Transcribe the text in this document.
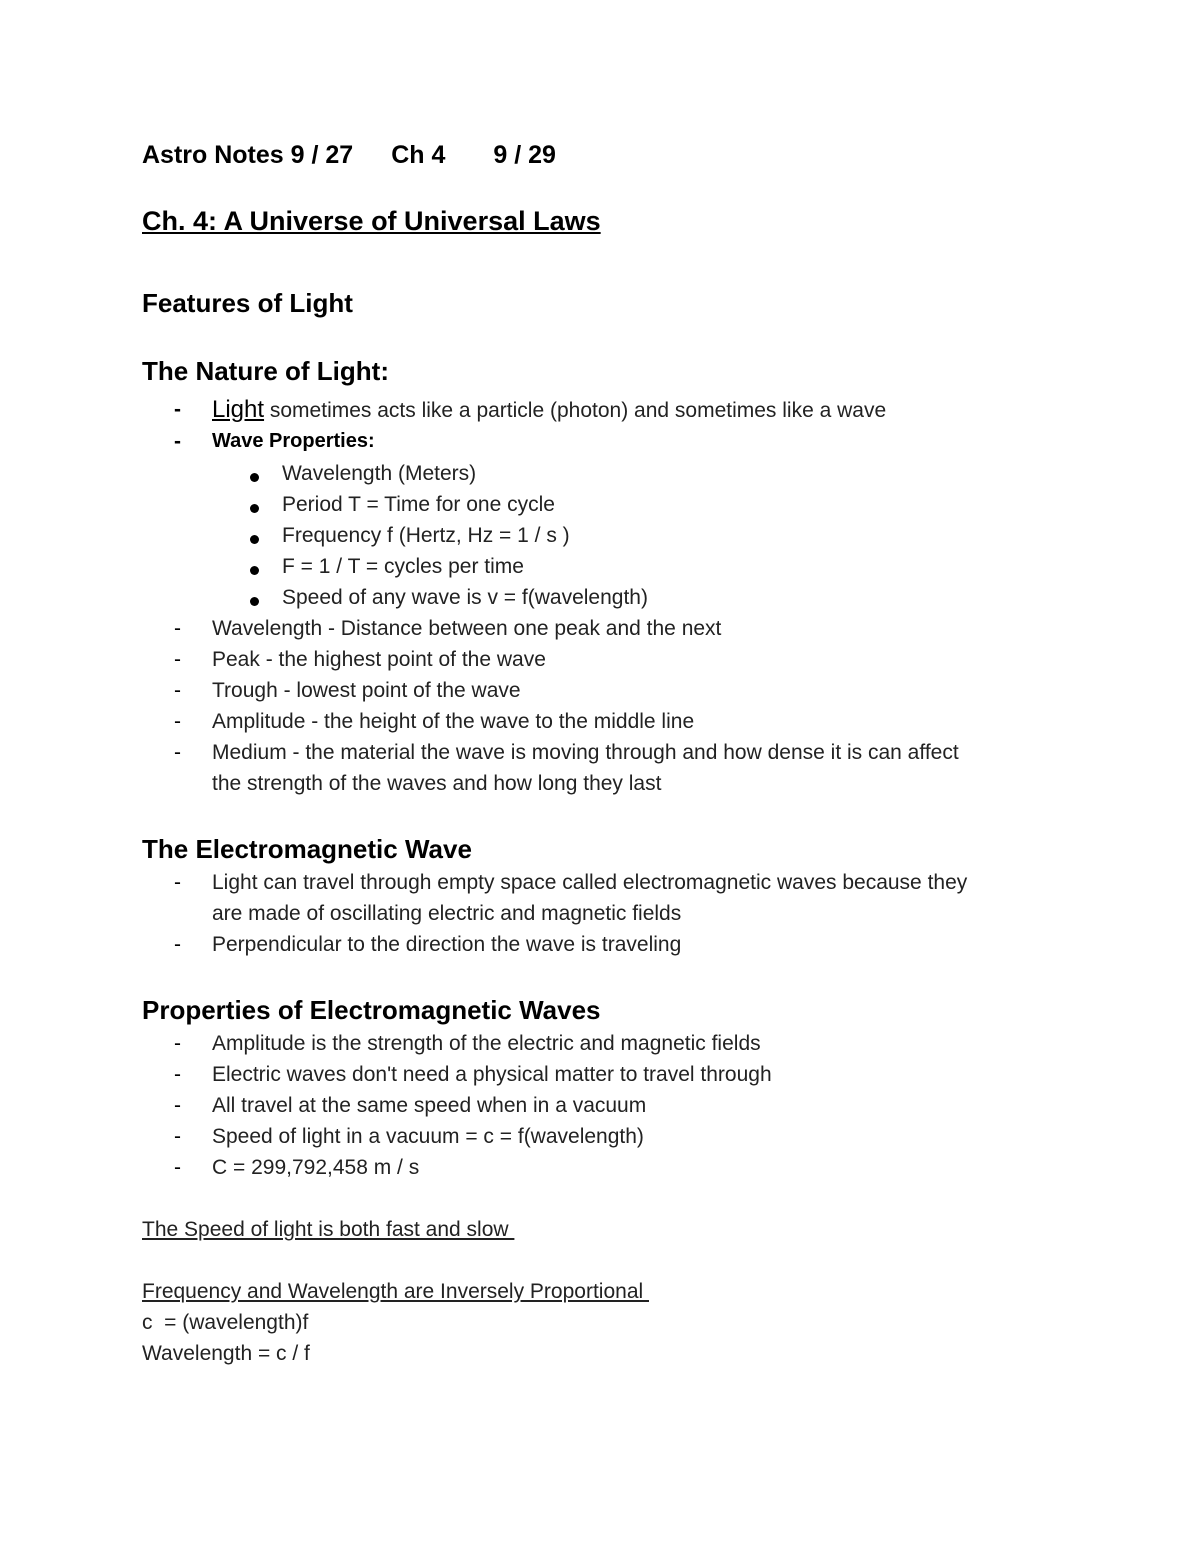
Astro Notes 9 / 27 Ch 4 9 / 29
Ch. 4: A Universe of Universal Laws
Features of Light
The Nature of Light:
- Light sometimes acts like a particle (photon) and sometimes like a wave
- Wave Properties:
Wavelength (Meters)
Period T = Time for one cycle
Frequency f (Hertz, Hz = 1 / s )
F = 1 / T = cycles per time
Speed of any wave is v = f(wavelength)
- Wavelength - Distance between one peak and the next
- Peak - the highest point of the wave
- Trough - lowest point of the wave
- Amplitude - the height of the wave to the middle line
- Medium - the material the wave is moving through and how dense it is can affect
the strength of the waves and how long they last
The Electromagnetic Wave
- Light can travel through empty space called electromagnetic waves because they
are made of oscillating electric and magnetic fields
- Perpendicular to the direction the wave is traveling
Properties of Electromagnetic Waves
- Amplitude is the strength of the electric and magnetic fields
- Electric waves don't need a physical matter to travel through
- All travel at the same speed when in a vacuum
- Speed of light in a vacuum = c = f(wavelength)
- C = 299,792,458 m / s
The Speed of light is both fast and slow
Frequency and Wavelength are Inversely Proportional
c  = (wavelength)f
Wavelength = c / f
